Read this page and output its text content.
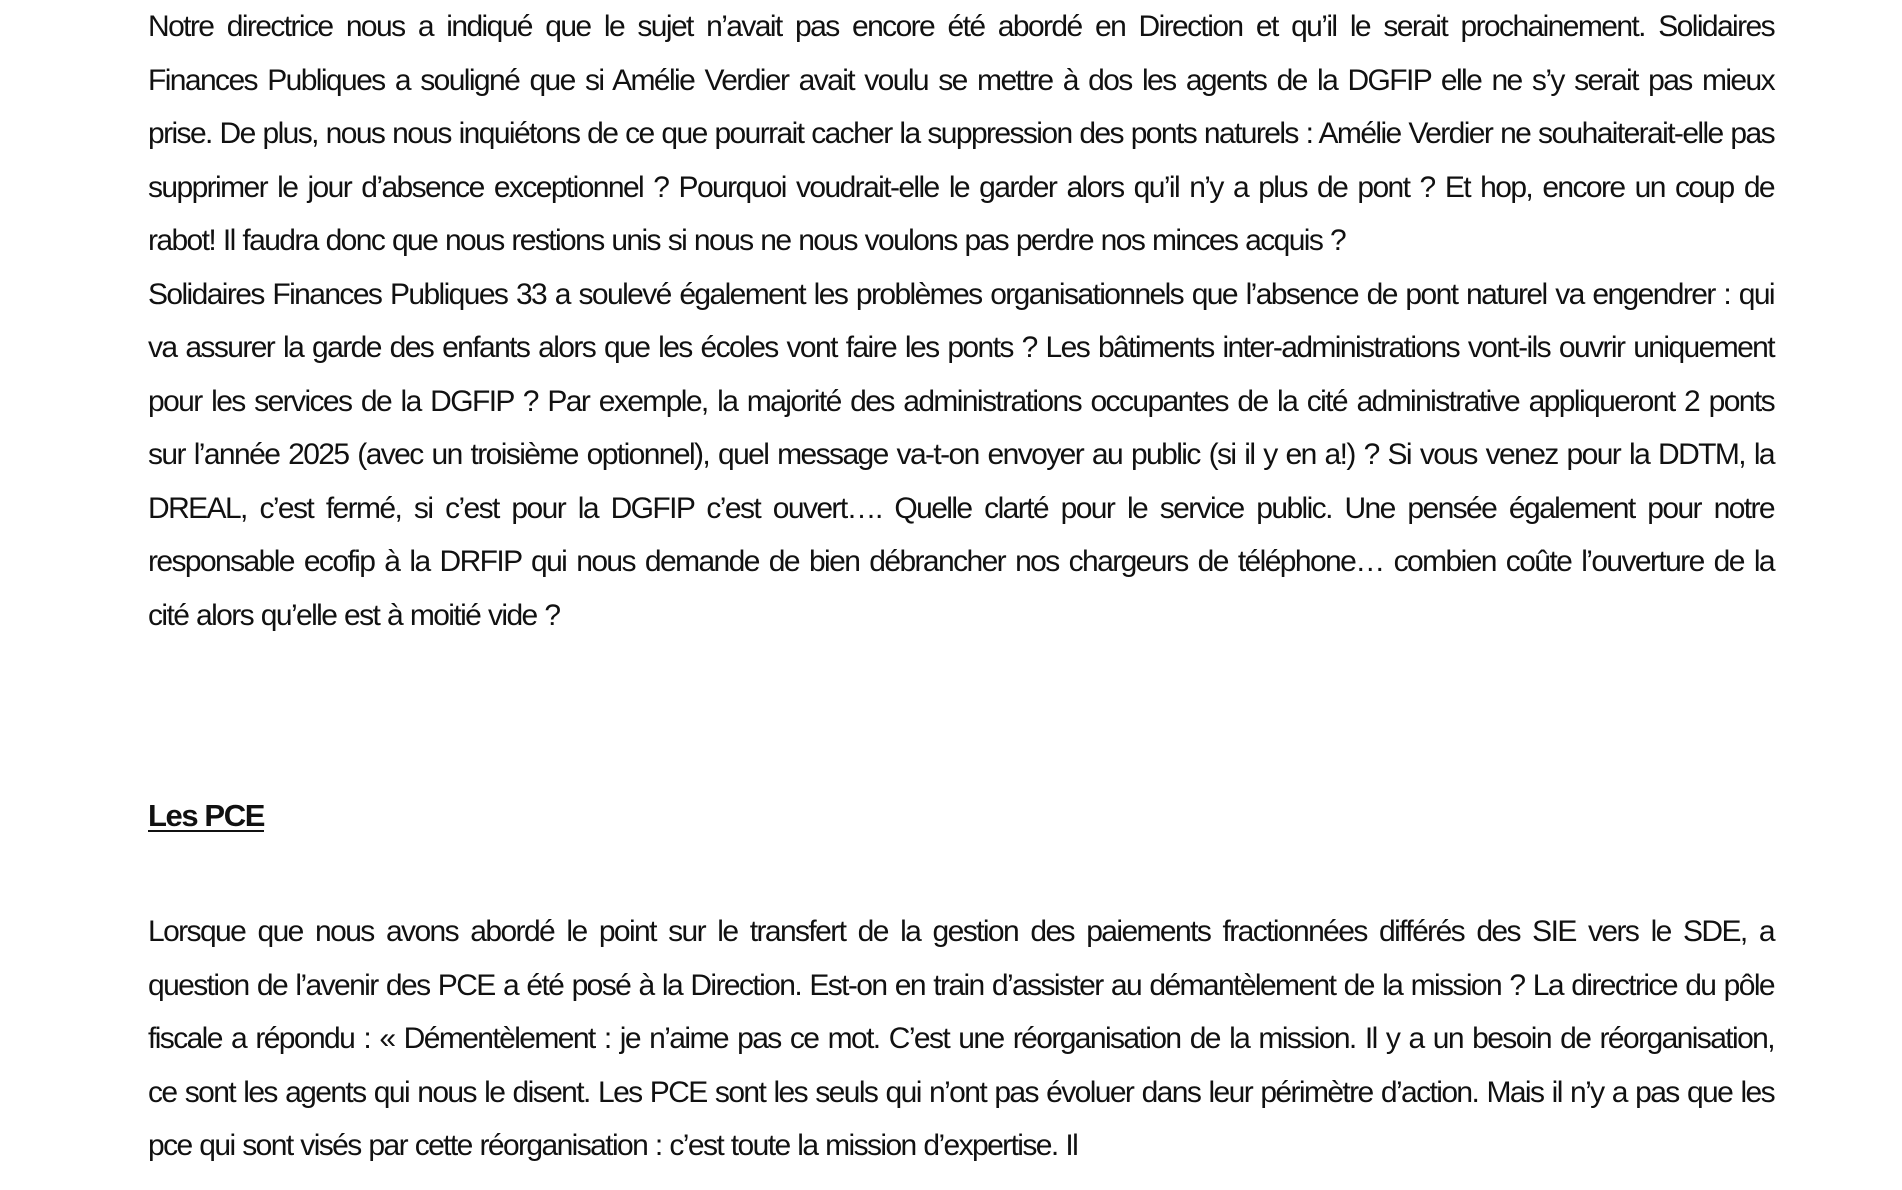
Notre directrice nous a indiqué que le sujet n’avait pas encore été abordé en Direction et qu’il le serait prochainement. Solidaires Finances Publiques a souligné que si Amélie Verdier avait voulu se mettre à dos les agents de la DGFIP elle ne s’y serait pas mieux prise. De plus, nous nous inquiétons de ce que pourrait cacher la suppression des ponts naturels : Amélie Verdier ne souhaiterait-elle pas supprimer le jour d’absence exceptionnel ? Pourquoi voudrait-elle le garder alors qu’il n’y a plus de pont ? Et hop, encore un coup de rabot! Il faudra donc que nous restions unis si nous ne nous voulons pas perdre nos minces acquis ?

Solidaires Finances Publiques 33 a soulevé également les problèmes organisationnels que l’absence de pont naturel va engendrer : qui va assurer la garde des enfants alors que les écoles vont faire les ponts ? Les bâtiments inter-administrations vont-ils ouvrir uniquement pour les services de la DGFIP ? Par exemple, la majorité des administrations occupantes de la cité administrative appliqueront 2 ponts sur l’année 2025 (avec un troisième optionnel), quel message va-t-on envoyer au public (si il y en a!) ? Si vous venez pour la DDTM, la DREAL, c’est fermé, si c’est pour la DGFIP c’est ouvert…. Quelle clarté pour le service public. Une pensée également pour notre responsable ecofip à la DRFIP qui nous demande de bien débrancher nos chargeurs de téléphone… combien coûte l’ouverture de la cité alors qu’elle est à moitié vide ?

Les PCE

Lorsque que nous avons abordé le point sur le transfert de la gestion des paiements fractionnées différés des SIE vers le SDE, a question de l’avenir des PCE a été posé à la Direction. Est-on en train d’assister au démantèlement de la mission ? La directrice du pôle fiscale a répondu : « Démentèlement : je n’aime pas ce mot. C’est une réorganisation de la mission. Il y a un besoin de réorganisation, ce sont les agents qui nous le disent. Les PCE sont les seuls qui n’ont pas évoluer dans leur périmètre d’action. Mais il n’y a pas que les pce qui sont visés par cette réorganisation : c’est toute la mission d’expertise. Il
